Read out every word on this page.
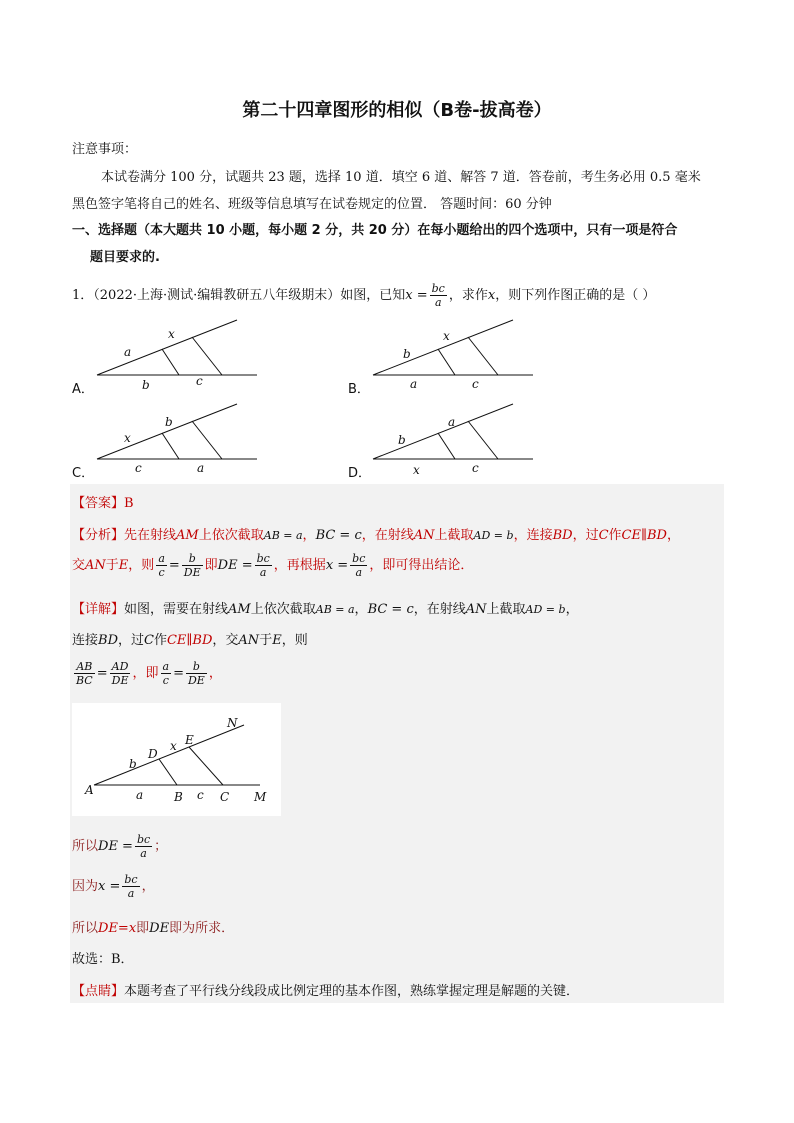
第二十四章图形的相似（B卷-拔高卷）
注意事项：
本试卷满分 100 分，试题共 23 题，选择 10 道．填空 6 道、解答 7 道．答卷前，考生务必用 0.5 毫米
黑色签字笔将自己的姓名、班级等信息填写在试卷规定的位置． 答题时间：60 分钟
一、选择题（本大题共 10 小题，每小题 2 分，共 20 分）在每小题给出的四个选项中，只有一项是符合
题目要求的.
1．（2022·上海·测试·编辑教研五八年级期末）如图，已知$x = \frac{bc}{a}$ ，求作x，则下列作图正确的是（ ）
A．
a
x
b	c
B．
b
x
a	c
C．
x
b
c	a	D．
b
a
x	c
【答案】B
【分析】先在射线AM上依次截取AB = a，BC = c，在射线AN上截取AD = b，连接BD，过C作CE∥BD，
交AN于E，则 $\frac{a}{c} = \frac{b}{DE}$ 即DE = $\frac{bc}{a}$ ，再根据$x = \frac{bc}{a}$ ，即可得出结论．
【详解】如图，需要在射线AM上依次截取AB = a，BC = c，在射线AN上截取AD = b，
连接BD，过C作CE∥BD，交AN于E，则
$\frac{AB}{BC} = \frac{AD}{DE}$ ，即 $\frac{a}{c} = \frac{b}{DE}$ ，
A	B	C
D
E
M
N
a
b
c
x
所以DE = $\frac{bc}{a}$ ；
因为$x = \frac{bc}{a}$ ，
所以DE=x即DE即为所求．
故选：B．
【点睛】本题考查了平行线分线段成比例定理的基本作图，熟练掌握定理是解题的关键．
